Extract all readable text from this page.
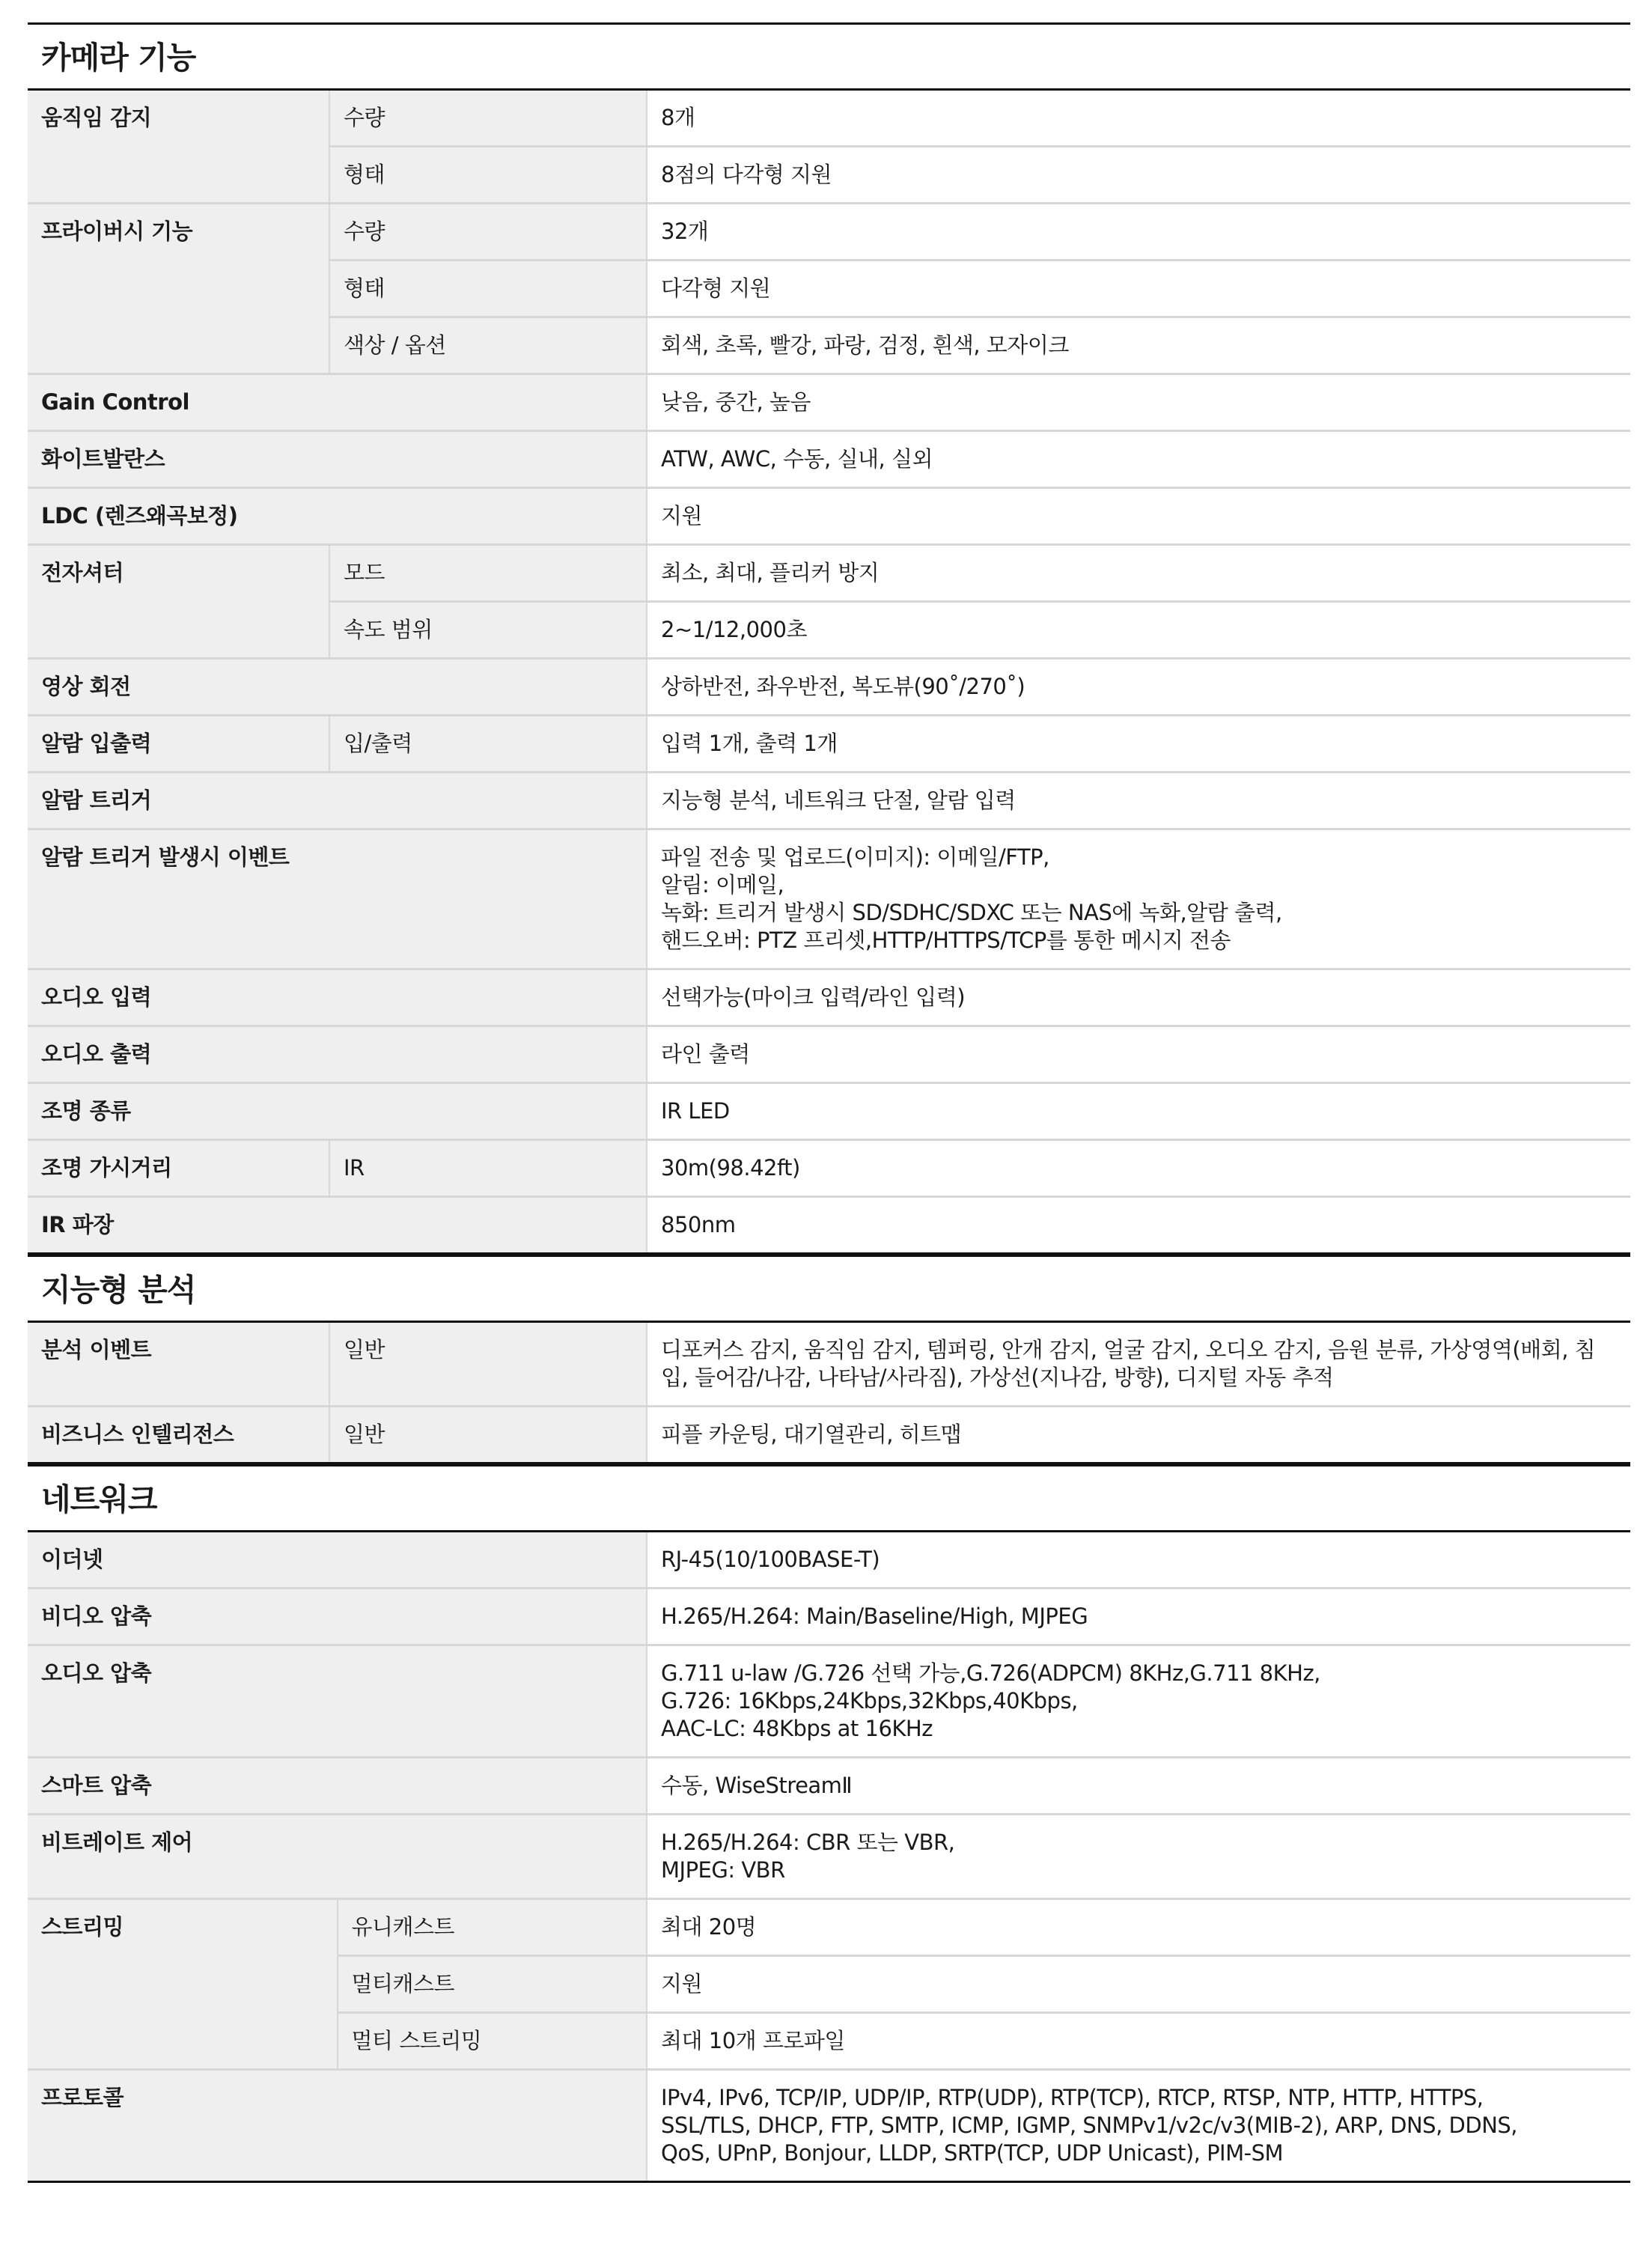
카메라 기능
움직임 감지	수량	8개
	형태	8점의 다각형 지원
프라이버시 기능	수량	32개
	형태	다각형 지원
	색상 / 옵션	회색, 초록, 빨강, 파랑, 검정, 흰색, 모자이크
Gain Control		낮음, 중간, 높음
화이트발란스		ATW, AWC, 수동, 실내, 실외
LDC (렌즈왜곡보정)		지원
전자셔터	모드	최소, 최대, 플리커 방지
	속도 범위	2~1/12,000초
영상 회전		상하반전, 좌우반전, 복도뷰(90˚/270˚)
알람 입출력	입/출력	입력 1개, 출력 1개
알람 트리거		지능형 분석, 네트워크 단절, 알람 입력
알람 트리거 발생시 이벤트		파일 전송 및 업로드(이미지): 이메일/FTP,
알림: 이메일,
녹화: 트리거 발생시 SD/SDHC/SDXC 또는 NAS에 녹화,알람 출력,
핸드오버: PTZ 프리셋,HTTP/HTTPS/TCP를 통한 메시지 전송
오디오 입력		선택가능(마이크 입력/라인 입력)
오디오 출력		라인 출력
조명 종류		IR LED
조명 가시거리	IR	30m(98.42ft)
IR 파장		850nm
지능형 분석
분석 이벤트	일반	디포커스 감지, 움직임 감지, 템퍼링, 안개 감지, 얼굴 감지, 오디오 감지, 음원 분류, 가상영역(배회, 침
입, 들어감/나감, 나타남/사라짐), 가상선(지나감, 방향), 디지털 자동 추적
비즈니스 인텔리전스	일반	피플 카운팅, 대기열관리, 히트맵
네트워크
이더넷		RJ-45(10/100BASE-T)
비디오 압축		H.265/H.264: Main/Baseline/High, MJPEG
오디오 압축		G.711 u-law /G.726 선택 가능,G.726(ADPCM) 8KHz,G.711 8KHz,
G.726: 16Kbps,24Kbps,32Kbps,40Kbps,
AAC-LC: 48Kbps at 16KHz
스마트 압축		수동, WiseStreamⅡ
비트레이트 제어		H.265/H.264: CBR 또는 VBR,
MJPEG: VBR
스트리밍	유니캐스트	최대 20명
	멀티캐스트	지원
	멀티 스트리밍	최대 10개 프로파일
프로토콜		IPv4, IPv6, TCP/IP, UDP/IP, RTP(UDP), RTP(TCP), RTCP, RTSP, NTP, HTTP, HTTPS,
SSL/TLS, DHCP, FTP, SMTP, ICMP, IGMP, SNMPv1/v2c/v3(MIB-2), ARP, DNS, DDNS,
QoS, UPnP, Bonjour, LLDP, SRTP(TCP, UDP Unicast), PIM-SM
